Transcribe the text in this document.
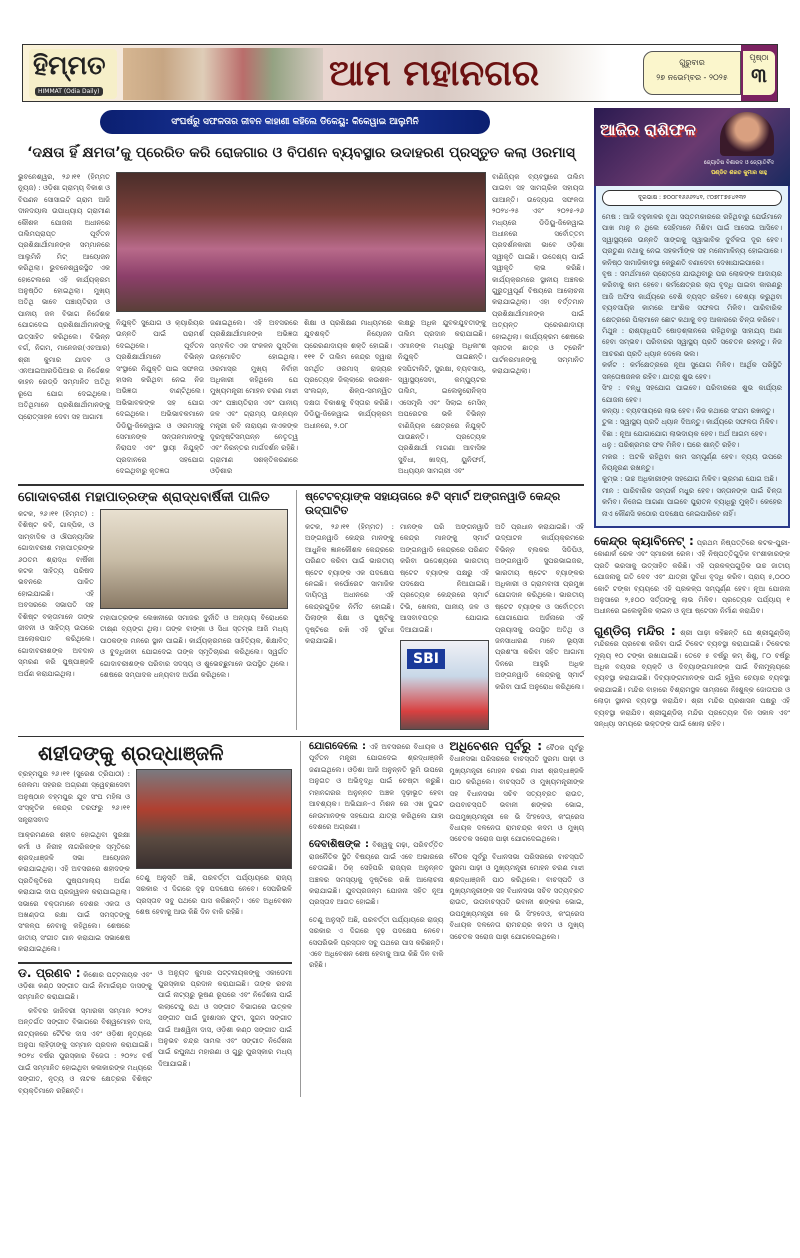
ହିମ୍ମତ
HIMMAT (Odia Daily)	ଆମ ମହାନଗର	ଗୁରୁବାର
୨୭ ନଭେମ୍ବର - ୨୦୨୫
ପୃଷ୍ଠା
୩
ସଂଘର୍ଷରୁ ସଫଳତାର ଜୀବନ କାହାଣୀ କହିଲେ ଡିକେୟୁ: କିକେୱାଇ ଆଲୁମିନି
‘ଦକ୍ଷତା ହିଁ କ୍ଷମତା’କୁ ପ୍ରେରିତ କରି ରୋଜଗାର ଓ ବିପଣନ ବ୍ୟବସ୍ଥାର ଉଦାହରଣ ପ୍ରସ୍ତୁତ କଲା ଓରମାସ୍
ଭୁବନେଶ୍ୱର, ୨୬।୧୧ (ହିମ୍ମତ ନ୍ୟୁଜ) : ଓଡ଼ିଶା ଗ୍ରାମ୍ୟ ବିକାଶ ଓ ବିପଣନ ସୋସାଇଟି ଗ୍ରାମ ଆଜି ଦୀନଦୟାଲ ଉପାଧ୍ୟାୟ ଗ୍ରାମୀଣ କୌଶଳ ଯୋଜନା ଅଧୀନରେ ତାଲିମପ୍ରାପ୍ତ ପୂର୍ବତନ ପ୍ରଶିକ୍ଷାର୍ଥୀମାନଙ୍କ ସମ୍ମାନରେ ଆଲୁମିନି ମିଟ୍ ଆୟୋଜନ କରିଥିଲା। ଭୁବନେଶ୍ୱରସ୍ଥିତ ଏକ ହୋଟେଲରେ ଏହି କାର୍ଯ୍ୟକ୍ରମ ଅନୁଷ୍ଠିତ ହୋଇଥିଲା। ମୁଖ୍ୟ ଅତିଥି ଭାବେ ପଞ୍ଚାୟତିରାଜ ଓ ପାନୀୟ ଜଳ ବିଭାଗ ନିର୍ଦ୍ଦେଶକ ଯୋଗଦେଇ ପ୍ରଶିକ୍ଷାର୍ଥୀମାନଙ୍କୁ ଉତ୍ସାହିତ କରିଥିଲେ। ବିଭିନ୍ନ ବର୍ଗ, ନିଗମ, ମାନେଜର(ଏଚଆର) ଶ୍ରୀ କୁମାର ଯାଦବ ଓ ଏନଆଇଆରଡିପିଆର ର ନିର୍ଦ୍ଦେଶକ କାହନ ରେଡ୍ଡି ସମ୍ମାନିତ ଅତିଥି ରୂପେ ଯୋଗ ଦେଇଥିଲେ। ଅତିଥିମାନେ ପ୍ରଶିକ୍ଷାର୍ଥୀମାନଙ୍କୁ ପ୍ରୋତ୍ସାହନ ଦେବା ସହ ଆଗାମୀ
ନିଯୁକ୍ତି ସୁଯୋଗ ଓ କ୍ୟାରିୟର ଉନ୍ନତି ପାଇଁ ପରାମର୍ଶ ଦେଇଥିଲେ। ପୂର୍ବତନ ପ୍ରଶିକ୍ଷାର୍ଥୀମାନେ ବିଭିନ୍ନ ସଂସ୍ଥାରେ ନିଯୁକ୍ତି ପାଇ ସଫଳତା ହାସଲ କରିଥିବା ନେଇ ନିଜ ଅଭିଜ୍ଞତା ବାଣ୍ଟିଥିଲେ। ଅଭିଭାବକଙ୍କ ସହ ଯୋଗ ଦେଇଥିଲେ। ଅଭିଭାବକମାନେ ଡିଡିୟୁ-ଜିକେୱାଇ ଓ ଓରମାସ୍‌କୁ ସେମାନଙ୍କ ସନ୍ତାନମାନଙ୍କୁ ନିରାପଦ ଏବଂ ସ୍ଥାୟୀ ନିଯୁକ୍ତି ପ୍ରଦାନରେ ସହଯୋଗ ଦେଇଥିବାରୁ କୃତଜ୍ଞତା
ଜଣାଇଥିଲେ। ଏହି ଅବସରରେ ପ୍ରଶିକ୍ଷାର୍ଥୀମାନଙ୍କ ଅଭିଜ୍ଞତା ସମ୍ବଳିତ ଏକ ସଂକଳନ ପୁସ୍ତିକା ଉନ୍ମୋଚିତ ହୋଇଥିଲା। ଓରମାସ୍‌ର ମୁଖ୍ୟ ନିର୍ବାହୀ ଅଧିକାରୀ କହିଥିଲେ ଯେ ମୁଖ୍ୟମନ୍ତ୍ରୀ ମୋହନ ଚରଣ ମାଝୀ ଏବଂ ପଞ୍ଚାୟତିରାଜ ଏବଂ ପାନୀୟ ଜଳ ଏବଂ ଗ୍ରାମ୍ୟ ଉନ୍ନୟନ ମନ୍ତ୍ରୀ ରବି ନାରାୟଣ ନାଏକଙ୍କ ଦୂରଦୃଷ୍ଟିସମ୍ପନ୍ନ ନେତୃତ୍ୱ ଏବଂ ନିରନ୍ତର ମାର୍ଗଦର୍ଶନ ରହିଛି। ଗ୍ରାମୀଣ ସଶକ୍ତିକରଣରେ ଓଡ଼ିଶାର
ଶିକ୍ଷା ଓ ପ୍ରଶିକ୍ଷଣ ମାଧ୍ୟମରେ ଯୁବଶକ୍ତି ନିୟୋଜନ ପ୍ରେରଣାଦାୟକ ଶକ୍ତି ହୋଇଛି। ୧୧୧ ଟି ତାଲିମ କେନ୍ଦ୍ର ଦ୍ୱାରା ସମର୍ଥିତ ଓରମାସ୍ ରାଜ୍ୟର ପ୍ରତ୍ୟେକ ଜିଲ୍ଲାରେ କଉଶଳ-ସଂଲଗ୍ନ, ଶିଳ୍ପ-ସମନ୍ୱିତ ଦକ୍ଷତା ବିକାଶକୁ ବିସ୍ତାର କରିଛି। ଡିଡିୟୁ-ଜିକେୱାଇ କାର୍ଯ୍ୟକ୍ରମ ଅଧୀନରେ, ୨.୦୮
ଲକ୍ଷରୁ ଅଧିକ ଯୁବକଯୁବତୀଙ୍କୁ ତାଲିମ ପ୍ରଦାନ କରାଯାଇଛି। ଏମାନଙ୍କ ମଧ୍ୟରୁ ଅଧିକାଂଶ ନିଯୁକ୍ତି ପାଇଛନ୍ତି। ହସପିଟାଲିଟି, ସୁରକ୍ଷା, ବ୍ୟବସାୟ, ସ୍ୱାସ୍ଥ୍ୟସେବା, କମ୍ପ୍ୟୁଟର ତାଲିମ, ଇଲେକ୍ଟ୍ରୋନିକ୍ସ ଏସେମ୍ବ୍ଲି ଏବଂ ସିଲାଇ ମେସିନ୍ ଅପରେଟର ଭଳି ବିଭିନ୍ନ ବାଣିଜ୍ୟିକ କ୍ଷେତ୍ରରେ ନିଯୁକ୍ତି ପାଉଛନ୍ତି। ପ୍ରତ୍ୟେକ ପ୍ରଶିକ୍ଷାର୍ଥୀ ମାଗଣା ଆବାସିକ ସୁବିଧା, ଖାଦ୍ୟ, ୟୁନିଫର୍ମ, ଅଧ୍ୟୟନ ସାମଗ୍ରୀ ଏବଂ
ବାଣିଜ୍ୟିକ ବ୍ୟବସ୍ଥାରେ ତାଲିମ ପାଇବା ସହ ସାମଗ୍ରିକ ସହାୟତା ପାଆନ୍ତି। ଉଦ୍ୟୋଗ ସଫଳତା ୨୦୨୪-୨୫ ଏବଂ ୨୦୨୫-୨୬ ମଧ୍ୟରେ ଡିଡିୟୁ-ଜିକେୱାଇ ଅଧୀନରେ ସର୍ବୋତ୍ତମ ପ୍ରଦର୍ଶନକାରୀ ଭାବେ ଓଡ଼ିଶା ସ୍ୱୀକୃତି ପାଇଛି। ଉଦ୍ଦେଶ୍ୟ ପାଇଁ ସ୍ୱୀକୃତି ଲାଭ କରିଛି। କାର୍ଯ୍ୟକ୍ରମରେ ସ୍ଥାନୀୟ ଅଞ୍ଚଳର ଗୁରୁତ୍ୱପୂର୍ଣ ବିଷୟରେ ଆଲୋଚନା କରାଯାଇଥିଲା। ଏହା ବର୍ତ୍ତମାନ ପ୍ରଶିକ୍ଷାର୍ଥୀମାନଙ୍କ ପାଇଁ ଅତ୍ୟନ୍ତ ପ୍ରେରଣାଦାୟୀ ହୋଇଥିଲା। କାର୍ଯ୍ୟକ୍ରମ ଶେଷରେ ସ୍ନାତକ ଛାତ୍ର ଓ ଟ୍ରେନିଂ ପାର୍ଟନରମାନଙ୍କୁ ସମ୍ମାନିତ କରାଯାଇଥିଲା।
ଆଜିର ରାଶିଫଳ
ଜ୍ୟୋତିଷ ବିଶାରଦ ଓ ଜ୍ୟୋତିର୍ବିଦ
ପଣ୍ଡିତ ଶରତ କୁମାର ସାହୁ
ଦୂରଭାଷ : ୭୦୦୮୧୬୬୬୨୪୧, ୯୦୭୮୮୭୫୪୧୩୨
ମେଷ : ଆଜି ବହୁକାଳର ବୃଥା ସପ୍ତମକାରରେ ରହିଥିବାରୁ ଯେଉଁମାନେ ପାଖ ମାନୁ ନ ଥିଲେ ସେହିମାନେ ମିଶିବା ପାଇଁ ଆସେଇ ଆସିବେ। ସ୍ୱାସ୍ଥ୍ୟରେ ଉନ୍ନତି ସାଙ୍ଗକୁ ସ୍ୱାଭାବିକ ଦୁର୍ବଳତା ଦୂର ହେବ। ପ୍ରତୁଣା ନଥାକୁ ନେଇ ସହକର୍ମୀଙ୍କ ସହ ମନୋମାଳିନ୍ୟ ହୋଇପାରେ। କନିଷ୍ଠ ସାମାଜିକାବସ୍ଥା କେରୁଣତି ବଣାଦେବା ଦେଖାଯାଇପାରେ।
ବୃଷ : ସମର୍ଥମାନେ ପ୍ରୋତ୍ସେ ଯାଉଥିବାରୁ ପର ଲୋକଙ୍କ ଆଦାୟର କରିବାକୁ କାମ ହେବେ। କର୍ମକ୍ଷେତ୍ରର ଚାପ ବୃଦ୍ଧି ପାଇବା କାରଣରୁ ଆଜି ଅଫିସ କାର୍ଯ୍ୟରେ ବେଶି ବ୍ୟସ୍ତ ରହିବେ। ବେଶ୍ୟା କରୁଥିବା ବ୍ୟବସାୟିକ କାମରେ ଆଂଶିକ ସଫଳତା ମିଳିବ। ପାରିବାରିକ କ୍ଷେତ୍ରରେ ପିଲାମାନେ ଛୋଟ କଥାକୁ ବଡ଼ ଆକାରରେ ଚିନ୍ତା କରିବେ।
ମିଥୁନ : ରାଶ୍ୟାଧିପତି ଷୋଡ଼ଶ୍ଳାନରେ ରହିଥିବାରୁ ସାହାଯ୍ୟ ଅଣା ହେବା ସମ୍ଭବ। ପରିବାରର ସ୍ୱାସ୍ଥ୍ୟ ପ୍ରତି ସଚେତନ ରହନ୍ତୁ। ନିଜ ଆଚରଣ ପ୍ରତି ଧ୍ୟାନ ଦେଲେ ଭଲ।
କର୍କଟ : କର୍ମକ୍ଷେତ୍ରରେ ନୂଆ ସୁଯୋଗ ମିଳିବ। ଆର୍ଥିକ ପରିସ୍ଥିତି ସନ୍ତୋଷଜନକ ରହିବ। ଯାତ୍ରା ଶୁଭ ହେବ।
ସିଂହ : ବନ୍ଧୁ ସହଯୋଗ ପାଇବେ। ପରିବାରରେ ଶୁଭ କାର୍ଯ୍ୟର ଯୋଜନା ହେବ।
କନ୍ୟା : ବ୍ୟବସାୟରେ ଲାଭ ହେବ। ନିଜ କଥାରେ ସଂଯମ ରଖନ୍ତୁ।
ତୁଳା : ସ୍ୱାସ୍ଥ୍ୟ ପ୍ରତି ଧ୍ୟାନ ଦିଅନ୍ତୁ। କାର୍ଯ୍ୟରେ ସଫଳତା ମିଳିବ।
ବିଛା : ନୂଆ ଯୋଗାଯୋଗ ଲାଭଦାୟକ ହେବ। ଅର୍ଥ ଆଗମ ହେବ।
ଧନୁ : ପରିଶ୍ରମର ଫଳ ମିଳିବ। ଘରେ ଶାନ୍ତି ରହିବ।
ମକର : ଅଟକି ରହିଥିବା କାମ ସମ୍ପୂର୍ଣ୍ଣ ହେବ। ବ୍ୟୟ ଉପରେ ନିୟନ୍ତ୍ରଣ ରଖନ୍ତୁ।
କୁମ୍ଭ : ଉଚ୍ଚ ଅଧିକାରୀଙ୍କ ସହଯୋଗ ମିଳିବ। ଭ୍ରମଣ ଯୋଗ ଅଛି।
ମୀନ : ପାରିବାରିକ ସମ୍ପର୍କ ମଧୁର ହେବ। ସନ୍ତାନଙ୍କ ପାଇଁ ଚିନ୍ତା କମିବ। ନିଜେଇ ଆଗଣା ପାଇବେ ପୁରାତନ ବ୍ୟାଧିରୁ ମୁକ୍ତି। କେହେର ନାଏ କୌଣସି କଠୋର ପଦକ୍ଷେପ ନେଇପାରିବେ ନାହିଁ।
କେନ୍ଦ୍ର କ୍ୟାବିନେଟ୍ : ପ୍ରଥମ ନିଷ୍ପତ୍ତିରେ କଟକ-ପୁରୀ-କୋଣାର୍କ ରେଳ ଏବଂ ସ୍ମାରକୀ ରେଳ। ଏହି ନିଷ୍ପତ୍ତିଗୁଡ଼ିକ ବାଂଶୀକାରଙ୍କ ପ୍ରତି ଭରସାକୁ ଉତ୍ସାହିତ କରିଛି। ଏହି ପ୍ରକଳ୍ପଗୁଡ଼ିକ ଉଚ୍ଚ ଜାତୀୟ ଯୋଜନାକୁ ଗତି ଦେବ ଏବଂ ଯାତ୍ରୀ ସୁବିଧା ବୃଦ୍ଧି କରିବ। ପ୍ରାୟ ୫,୦୦୦ କୋଟି ଟଙ୍କା ବ୍ୟୟରେ ଏହି ପ୍ରକଳ୍ପ ସମ୍ପୂର୍ଣ୍ଣ ହେବ। ନୂଆ ଯୋଜନା ଅନୁସାରେ ୨,୫୦୦ ସର୍ତ୍ତାଙ୍କୁ ଲାଭ ମିଳିବ। ପ୍ରତ୍ୟେକ ପର୍ଯ୍ୟାୟ ୧ ଅଧୀନରେ ଇଲେକ୍ଟ୍ରିକ ଲାଇନ ଓ ନୂଆ ଷ୍ଟେସନ ନିର୍ମାଣ କରାଯିବ।
ଗୁଣ୍ଡିଚା ମନ୍ଦିର : ଶ୍ରୀ ପାଢ଼ୀ କହିଛନ୍ତି ଯେ ଶ୍ରୀଗୁଣ୍ଡିଚା ମନ୍ଦିରରେ ପ୍ରବେଶ କରିବା ପାଇଁ ଟିକେଟ ବ୍ୟବସ୍ଥା କରାଯାଇଛି। ଟିକେଟର ମୂଲ୍ୟ ୧୦ ଟଙ୍କା ରଖାଯାଇଛି। ତେବେ ୫ ବର୍ଷରୁ କମ୍ ଶିଶୁ, ୮୦ ବର୍ଷରୁ ଅଧିକ ବୟସର ବ୍ୟକ୍ତି ଓ ଦିବ୍ୟାଙ୍ଗମାନଙ୍କ ପାଇଁ ବିନାମୂଲ୍ୟରେ ବ୍ୟବସ୍ଥା କରାଯାଇଛି। ଦିବ୍ୟାଙ୍ଗମାନଙ୍କ ପାଇଁ ହ୍ୱିଲ ଚେୟାର ବ୍ୟବସ୍ଥା କରାଯାଇଛି। ମନ୍ଦିର ବାହାରେ ବିଶ୍ରାମସ୍ଥଳ ସାମ୍ନାରେ ନିଃଶୁଳ୍କ ଜୋତାଘର ଓ ଲୋଡ଼ା ସ୍ଥାନର ବ୍ୟବସ୍ଥା କରାଯିବ। ଶ୍ରୀ ମନ୍ଦିର ପ୍ରଶାସନ ପକ୍ଷରୁ ଏହି ବ୍ୟବସ୍ଥା କରାଯିବ। ଶ୍ରୀଗୁଣ୍ଡିଚା ମନ୍ଦିର ପ୍ରତ୍ୟେକ ଦିନ ସକାଳ ଏବଂ ସନ୍ଧ୍ୟା ସମୟରେ ଭକ୍ତଙ୍କ ପାଇଁ ଖୋଲା ରହିବ।
ଗୋଦାବରୀଶ ମହାପାତ୍ରଙ୍କ ଶ୍ରାଦ୍ଧବାର୍ଷିକୀ ପାଳିତ
କଟକ, ୨୬।୧୧ (ହିମ୍ମତ) : ବିଶିଷ୍ଟ କବି, ଗାଳ୍ପିକ, ଓ ସାମ୍ବାଦିକ ଓ ଔପନ୍ୟାସିକ ଗୋଦାବରୀଶ ମହାପାତ୍ରଙ୍କ ୬୦ତମ ଶ୍ରାଦ୍ଧ ବାର୍ଷିକୀ କଟକ ସାହିତ୍ୟ ପରିଷଦ ଭବନରେ ପାଳିତ ହୋଇଯାଇଛି। ଏହି ଅବସରରେ ସଭାପତି ସହ ବିଶିଷ୍ଟ ବକ୍ତାମାନେ ତାଙ୍କ ଜୀବନୀ ଓ ସାହିତ୍ୟ ଉପରେ ଆଲୋକପାତ କରିଥିଲେ। ଗୋଦାବରୀଶଙ୍କ ଅବଦାନ ସ୍ମରଣ କରି ପୁଷ୍ପାଞ୍ଜଳି ଅର୍ପଣ କରାଯାଇଥିଲା।
ମହାପାତ୍ରଙ୍କ ଲେଖନୀରେ ସମାଜର ଦୁର୍ନୀତି ଓ ଅନ୍ୟାୟ ବିରୋଧରେ ତୀକ୍ଷ୍ଣ ବ୍ୟଙ୍ଗ ଥିଲା। ତାଙ୍କ ବାଙ୍କା ଓ ସିଧା ସ୍ତମ୍ଭ ଆଜି ମଧ୍ୟ ପାଠକଙ୍କ ମନରେ ସ୍ଥାନ ପାଇଛି। କାର୍ଯ୍ୟକ୍ରମରେ ସାହିତ୍ୟିକ, ଶିକ୍ଷାବିତ୍ ଓ ବୁଦ୍ଧିଜୀବୀ ଯୋଗଦେଇ ତାଙ୍କ ସ୍ମୃତିଚାରଣ କରିଥିଲେ। ସ୍ୱର୍ଗତ ଗୋଦାବରୀଶଙ୍କ ପରିବାର ସଦସ୍ୟ ଓ ଶୁଭେଚ୍ଛୁମାନେ ଉପସ୍ଥିତ ଥିଲେ। ଶେଷରେ ସମ୍ପାଦକ ଧନ୍ୟବାଦ ଅର୍ପଣ କରିଥିଲେ।
ଷ୍ଟେଟବ୍ୟାଙ୍କ ସହାୟତାରେ ୫ଟି ସ୍ମାର୍ଟ ଅଙ୍ଗନୱାଡି କେନ୍ଦ୍ର ଉଦ୍‌ଘାଟିତ
କଟକ, ୨୬।୧୧ (ହିମ୍ମତ) : ଅଙ୍ଗନୱାଡି କେନ୍ଦ୍ର ମାନଙ୍କୁ ଆଧୁନିକ ଜ୍ଞାନକୌଶଳ କେନ୍ଦ୍ରରେ ପରିଣତ କରିବା ପାଇଁ ଭାରତୀୟ ଷ୍ଟେଟ ବ୍ୟାଙ୍କ ଏକ ପଦକ୍ଷେପ ନେଇଛି। କର୍ପୋରେଟ ସାମାଜିକ ଦାୟିତ୍ୱ ଅଧୀନରେ ଏହି କେନ୍ଦ୍ରଗୁଡ଼ିକ ନିର୍ମିତ ହୋଇଛି। ପିଲାଙ୍କ ଶିକ୍ଷା ଓ ପୁଷ୍ଟିକୁ ଦୃଷ୍ଟିରେ ରଖି ଏହି ସୁବିଧା କରାଯାଇଛି।
ମାନଙ୍କ ପରି ଅଙ୍ଗନୱାଡି କେନ୍ଦ୍ର ମାନଙ୍କୁ ସ୍ମାର୍ଟ ଅଙ୍ଗନୱାଡି କେନ୍ଦ୍ରରେ ପରିଣତ କରିବା ଉଦ୍ଦେଶ୍ୟରେ ଭାରତୀୟ ଷ୍ଟେଟ ବ୍ୟାଙ୍କ ପକ୍ଷରୁ ଏହି ପଦକ୍ଷେପ ନିଆଯାଇଛି। ପ୍ରତ୍ୟେକ କେନ୍ଦ୍ରରେ ସ୍ମାର୍ଟ ଟିଭି, ଖେଳନା, ପାନୀୟ ଜଳ ଓ ଆସବାବପତ୍ର ଯୋଗାଇ ଦିଆଯାଇଛି।
SBI
ଅତି ପ୍ରଧାନ କରାଯାଇଛି। ଏହି ଉଦ୍‌ଘାଟନ କାର୍ଯ୍ୟକ୍ରମରେ ବିଭିନ୍ନ ବ୍ଲକର ସିଡିପିଓ, ଅଙ୍ଗନୱାଡି ସୁପରଭାଇଜର, ଭାରତୀୟ ଷ୍ଟେଟ ବ୍ୟାଙ୍କର ଅଧିକାରୀ ଓ ଗ୍ରାମବାସୀ ପ୍ରମୁଖ ଯୋଗଦାନ କରିଥିଲେ। ଭାରତୀୟ ଷ୍ଟେଟ ବ୍ୟାଙ୍କ ଓ ସର୍ବୋତ୍ତମ ଯୋଗାଯୋଗ ଅର୍ଜନାରେ ଏହି ପ୍ରୟାସକୁ ଉପସ୍ଥିତ ଅତିଥି ଓ ଜନସାଧାରଣ ମାନେ ଭୂୟସୀ ପ୍ରଶଂସା କରିବା ସହିତ ଆଗାମୀ ଦିନରେ ଆହୁରି ଅଧିକ ଅଙ୍ଗନୱାଡି କେନ୍ଦ୍ରକୁ ସ୍ମାର୍ଟ କରିବା ପାଇଁ ଅନୁରୋଧ କରିଥିଲେ।
ଶହୀଦଙ୍କୁ ଶ୍ରଦ୍ଧାଞ୍ଜଳି
ବ୍ରହ୍ମପୁର ୨୬।୧୧ (ସୁରେଶ ତ୍ରିପାଠୀ) : ଜେଲମା ସହରର ଅଗ୍ରଣୀ ସ୍ୱେଚ୍ଛାସେବୀ ଅନୁଷ୍ଠାନ ବହ୍ମପୁର ଯୁବ ସଂଘ ମହିଳା ଓ ସଂସ୍କୃତିକ କେନ୍ଦ୍ର ତରଫରୁ ୨୬।୧୧ ସନ୍ତ୍ରାସବାଦ
ଆକ୍ରମଣରେ ଶହୀଦ ହୋଇଥିବା ସୁରକ୍ଷା କର୍ମୀ ଓ ନିରୀହ ନାଗରିକଙ୍କ ସ୍ମୃତିରେ ଶ୍ରଦ୍ଧାଞ୍ଜଳି ସଭା ଆୟୋଜନ କରାଯାଇଥିଲା। ଏହି ଅବସରରେ ଶହୀଦଙ୍କ ପ୍ରତିକୃତିରେ ପୁଷ୍ପମାଲ୍ୟ ଅର୍ପଣ କରାଯାଇ ଦୀପ ପ୍ରଜ୍ୱଳନ କରାଯାଇଥିଲା। ସଭାରେ ବକ୍ତାମାନେ ଦେଶର ଏକତା ଓ ଅଖଣ୍ଡତା ରକ୍ଷା ପାଇଁ ସମସ୍ତଙ୍କୁ ସଂକଳ୍ପ ନେବାକୁ କହିଥିଲେ। ଶେଷରେ ଜାତୀୟ ସଂଗୀତ ଗାନ କରାଯାଇ ସଭାଶେଷ କରାଯାଇଥିଲେ।
ତେଣୁ ଅନୁସ୍ତି ଅଛି, ପରବର୍ତ୍ତୀ ପର୍ଯ୍ୟାୟରେ ରାଜ୍ୟ ସରକାର ଏ ଦିଗରେ ଦୃଢ଼ ପଦକ୍ଷେପ ନେବେ। ସେପରିଭଳି ପ୍ରସ୍ତାବ ସବୁ ପଥରେ ପାସ କରିଛନ୍ତି। ଏବେ ଅଧିବେଶନ ଶେଷ ହେବାକୁ ଆଉ କିଛି ଦିନ ବାକି ରହିଛି।
ଡ. ପ୍ରଣବ : କିଶୋର ପଟ୍ଟନାୟକ ଏବଂ ଓଡ଼ିଶା କଣ୍ଠ ସଙ୍ଗୀତ ପାଇଁ ନିମାଇଁଚାନ୍ଦ ଦାସଙ୍କୁ ସମ୍ମାନିତ କରାଯାଇଛି।
କବିବର ଜାଜିବରୀ ସ୍ମାରକୀ ସମ୍ମାନ ୨୦୨୪ ଅନ୍ତର୍ଗତ ସଙ୍ଗୀତ ବିଭାଗରେ ବିଶ୍ୱମୋହନ ଦାସ, ନାଟ୍ୟକରେ ଟୈଟିକ ଦାସ ଏବଂ ଓଡ଼ିଶୀ ନୃତ୍ୟରେ ଅନୁପା ଲାହିଡ଼ୀଙ୍କୁ ସମ୍ମାନ ପ୍ରଦାନ କରାଯାଇଛି। ୨୦୨୪ ବର୍ଷର ପୁରସ୍କାର ବିଜେତା : ୨୦୨୪ ବର୍ଷ ପାଇଁ ସମ୍ମାନିତ ହୋଇଥିବା କଳାକାରଙ୍କ ମଧ୍ୟରେ ସଙ୍ଗୀତ, ନୃତ୍ୟ ଓ ନାଟକ କ୍ଷେତ୍ରର ବିଶିଷ୍ଟ ବ୍ୟକ୍ତିମାନେ ରହିଛନ୍ତି।
ଓ ଅନ୍ୟୁତ କୁମାର ପଟ୍ଟନାୟକଙ୍କୁ ଏକାଡେମୀ ପୁରସ୍କାର ପ୍ରଦାନ କରାଯାଇଛି। ତାଙ୍କ ରଚନା ପାଇଁ ନାଟ୍ୟରୁ ଭୂଷଣ ରୂପରେ ଏବଂ ନିର୍ଦ୍ଦେଶନା ପାଇଁ ଲଲାଟେନ୍ଦୁ ରଥ ଓ ସଙ୍ଗୀତ ବିଭାଗରେ ଉତ୍କଳ ସଙ୍ଗୀତ ପାଇଁ ଦୁଃଶାସନ ଫୁଟା, ସୁଗମ ସଙ୍ଗୀତ ପାଇଁ ଆଶ୍ୱିନୀ ଦାସ, ଓଡ଼ିଶୀ କଣ୍ଠ ସଙ୍ଗୀତ ପାଇଁ ଅନୁଭବ ଚନ୍ଦ୍ର ସାମଲ ଏବଂ ସଙ୍ଗୀତ ନିର୍ଦ୍ଦେଶନା ପାଇଁ ରଘୁନାଥ ମହାରଣା ଓ ଗୁରୁ ପୁରସ୍କାର ମଧ୍ୟ ଦିଆଯାଇଛି।
ଯୋଗଦେଲେ : ଏହି ଅବସରରେ ବିଧାୟକ ଓ ପୂର୍ବତନ ମନ୍ତ୍ରୀ ଯୋଗଦେଇ ଶ୍ରଦ୍ଧାଞ୍ଜଳି ଜଣାଇଥିଲେ। ଓଡ଼ିଶା ଆଜି ଅନୁନ୍ନତି ଭୂମି ଉପରେ ଅନୁଗତ ଓ ଅଭିବୃଦ୍ଧି ପାଇଁ ଚେଷ୍ଟା କରୁଛି। ମହାନଗରର ଅନୁନ୍ନତ ଅଞ୍ଚଳ ଦୃଢ଼ୀଭୂତ ହେବା ଆବଶ୍ୟକ। ଅଭିଯାନ-ଏ ମିଶନ ରେ ଏଖ ଦୁଇଟ ନେଉମାନଙ୍କ ସହଯୋଗ ଯାତ୍ରା କରିଥିଲେ ଯାହା ଦେଶରେ ଅଗ୍ରଣୀ।
ଦେବାଶିଷଙ୍କ : ବିଶ୍ୱକୁ ଗଢ଼ା, ପରିବର୍ତ୍ତିତ ରାଜନୈତିକ ସ୍ଥିତି ବିଷୟରେ ପାଇଁ ଏବେ ଅଭାରରେ ଚେତାଇଛି। ଠିକ୍ ସେହିପରି ରାଜ୍ୟର ଅନୁନ୍ନତ ଅଞ୍ଚଳର ସମସ୍ୟାକୁ ଦୃଷ୍ଟିରେ ରଖି ଆଲୋଚନା କରାଯାଇଛି। ଯୁବପ୍ରଜନ୍ମ ଯୋଜନା ସହିତ ନୂଆ ପ୍ରସ୍ତାବ ଆଗତ ହୋଇଛି।
ତେଣୁ ଅନୁସ୍ତି ଅଛି, ପରବର୍ତ୍ତୀ ପର୍ଯ୍ୟାୟରେ ରାଜ୍ୟ ସରକାର ଏ ଦିଗରେ ଦୃଢ଼ ପଦକ୍ଷେପ ନେବେ। ସେପରିଭଳି ପ୍ରସ୍ତାବ ସବୁ ପଥରେ ପାସ କରିଛନ୍ତି। ଏବେ ଅଧିବେଶନ ଶେଷ ହେବାକୁ ଆଉ କିଛି ଦିନ ବାକି ରହିଛି।
ଅଧିବେଶନ ପୂର୍ବରୁ : ବୈଠକ ପୂର୍ବରୁ ବିଧାନସଭା ପରିସରରେ ବାଚସ୍ପତି ସୁରମା ପାଢ଼ୀ ଓ ମୁଖ୍ୟମନ୍ତ୍ରୀ ମୋହନ ଚରଣ ମାଝୀ ଶ୍ରଦ୍ଧାଞ୍ଜଳି ପାଠ କରିଥିଲେ। ବାଚସ୍ପତି ଓ ମୁଖ୍ୟମନ୍ତ୍ରୀଙ୍କ ସହ ବିଧାନସଭା ସଚିବ ସତ୍ୟବ୍ରତ ରାଉତ, ଉପବାଚସ୍ପତି ଭବାନୀ ଶଙ୍କର ଭୋଇ, ଉପମୁଖ୍ୟମନ୍ତ୍ରୀ କେ ଭି ସିଂହଦେଓ, କଂଗ୍ରେସ ବିଧାୟକ ଦଳନେତା ରାମଚନ୍ଦ୍ର କଦମ ଓ ମୁଖ୍ୟ ସଚେତକ ସରୋଜ ପାଢ଼ୀ ଯୋଗଦେଇଥିଲେ।
ବୈଠକ ପୂର୍ବରୁ ବିଧାନସଭା ପରିସରରେ ବାଚସ୍ପତି ସୁରମା ପାଢ଼ୀ ଓ ମୁଖ୍ୟମନ୍ତ୍ରୀ ମୋହନ ଚରଣ ମାଝୀ ଶ୍ରଦ୍ଧାଞ୍ଜଳି ପାଠ କରିଥିଲେ। ବାଚସ୍ପତି ଓ ମୁଖ୍ୟମନ୍ତ୍ରୀଙ୍କ ସହ ବିଧାନସଭା ସଚିବ ସତ୍ୟବ୍ରତ ରାଉତ, ଉପବାଚସ୍ପତି ଭବାନୀ ଶଙ୍କର ଭୋଇ, ଉପମୁଖ୍ୟମନ୍ତ୍ରୀ କେ ଭି ସିଂହଦେଓ, କଂଗ୍ରେସ ବିଧାୟକ ଦଳନେତା ରାମଚନ୍ଦ୍ର କଦମ ଓ ମୁଖ୍ୟ ସଚେତକ ସରୋଜ ପାଢ଼ୀ ଯୋଗଦେଇଥିଲେ।
